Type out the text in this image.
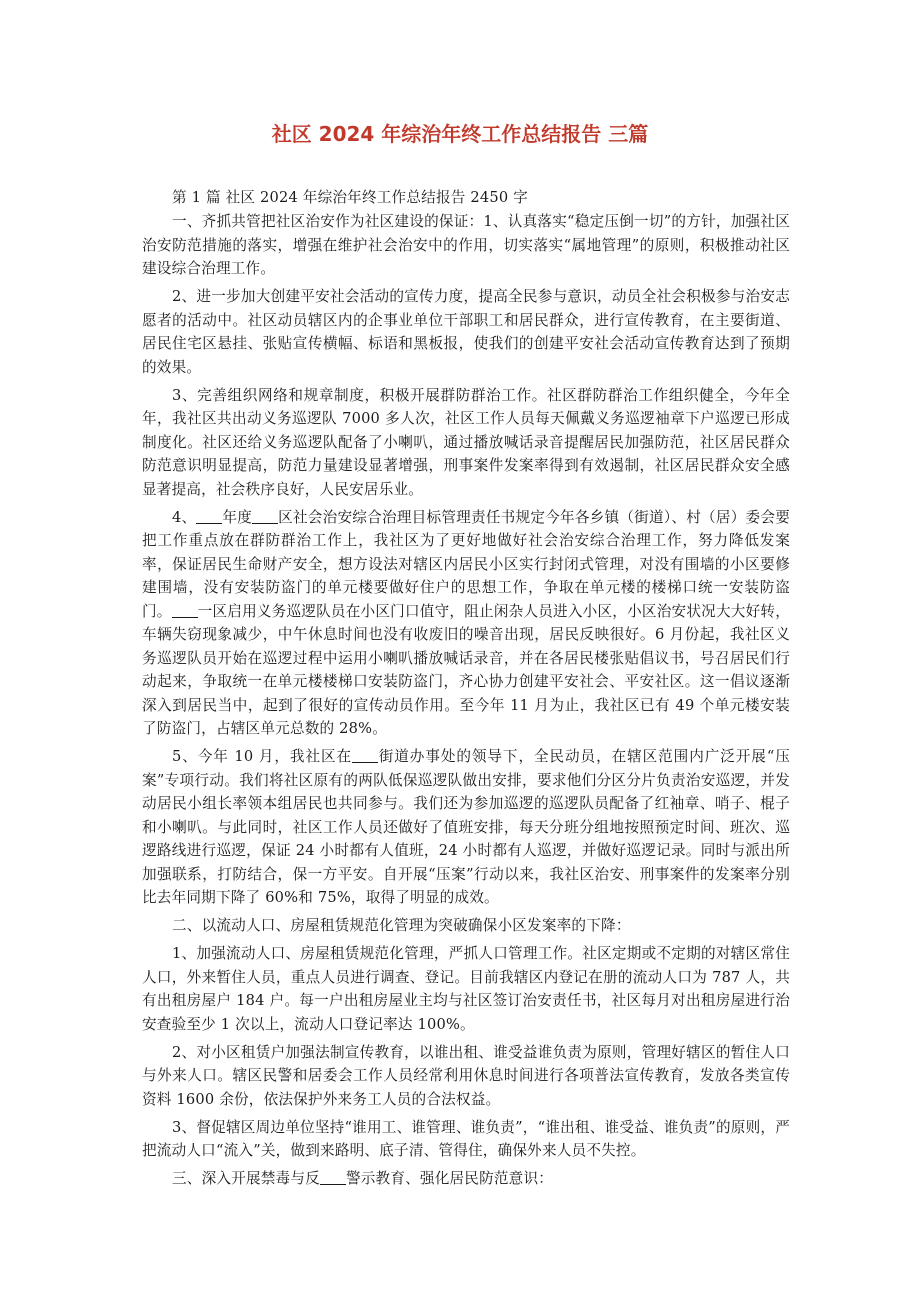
社区 2024 年综治年终工作总结报告 三篇

第 1 篇 社区 2024 年综治年终工作总结报告 2450 字

一、齐抓共管把社区治安作为社区建设的保证：1、认真落实“稳定压倒一切”的方针，加强社区治安防范措施的落实，增强在维护社会治安中的作用，切实落实“属地管理”的原则，积极推动社区建设综合治理工作。

2、进一步加大创建平安社会活动的宣传力度，提高全民参与意识，动员全社会积极参与治安志愿者的活动中。社区动员辖区内的企事业单位干部职工和居民群众，进行宣传教育，在主要街道、居民住宅区悬挂、张贴宣传横幅、标语和黑板报，使我们的创建平安社会活动宣传教育达到了预期的效果。

3、完善组织网络和规章制度，积极开展群防群治工作。社区群防群治工作组织健全，今年全年，我社区共出动义务巡逻队 7000 多人次，社区工作人员每天佩戴义务巡逻袖章下户巡逻已形成制度化。社区还给义务巡逻队配备了小喇叭，通过播放喊话录音提醒居民加强防范，社区居民群众防范意识明显提高，防范力量建设显著增强，刑事案件发案率得到有效遏制，社区居民群众安全感显著提高，社会秩序良好，人民安居乐业。

4、 年度 区社会治安综合治理目标管理责任书规定今年各乡镇（街道）、村（居）委会要把工作重点放在群防群治工作上，我社区为了更好地做好社会治安综合治理工作，努力降低发案率，保证居民生命财产安全，想方设法对辖区内居民小区实行封闭式管理，对没有围墙的小区要修建围墙，没有安装防盗门的单元楼要做好住户的思想工作，争取在单元楼的楼梯口统一安装防盗门。 一区启用义务巡逻队员在小区门口值守，阻止闲杂人员进入小区，小区治安状况大大好转，车辆失窃现象减少，中午休息时间也没有收废旧的噪音出现，居民反映很好。6 月份起，我社区义务巡逻队员开始在巡逻过程中运用小喇叭播放喊话录音，并在各居民楼张贴倡议书，号召居民们行动起来，争取统一在单元楼楼梯口安装防盗门，齐心协力创建平安社会、平安社区。这一倡议逐渐深入到居民当中，起到了很好的宣传动员作用。至今年 11 月为止，我社区已有 49 个单元楼安装了防盗门，占辖区单元总数的 28%。

5、今年 10 月，我社区在 街道办事处的领导下，全民动员，在辖区范围内广泛开展“压案”专项行动。我们将社区原有的两队低保巡逻队做出安排，要求他们分区分片负责治安巡逻，并发动居民小组长率领本组居民也共同参与。我们还为参加巡逻的巡逻队员配备了红袖章、哨子、棍子和小喇叭。与此同时，社区工作人员还做好了值班安排，每天分班分组地按照预定时间、班次、巡逻路线进行巡逻，保证 24 小时都有人值班，24 小时都有人巡逻，并做好巡逻记录。同时与派出所加强联系，打防结合，保一方平安。自开展“压案”行动以来，我社区治安、刑事案件的发案率分别比去年同期下降了 60%和 75%，取得了明显的成效。

二、以流动人口、房屋租赁规范化管理为突破确保小区发案率的下降：

1、加强流动人口、房屋租赁规范化管理，严抓人口管理工作。社区定期或不定期的对辖区常住人口，外来暂住人员，重点人员进行调查、登记。目前我辖区内登记在册的流动人口为 787 人，共有出租房屋户 184 户。每一户出租房屋业主均与社区签订治安责任书，社区每月对出租房屋进行治安查验至少 1 次以上，流动人口登记率达 100%。

2、对小区租赁户加强法制宣传教育，以谁出租、谁受益谁负责为原则，管理好辖区的暂住人口与外来人口。辖区民警和居委会工作人员经常利用休息时间进行各项普法宣传教育，发放各类宣传资料 1600 余份，依法保护外来务工人员的合法权益。

3、督促辖区周边单位坚持“谁用工、谁管理、谁负责”，“谁出租、谁受益、谁负责”的原则，严把流动人口“流入”关，做到来路明、底子清、管得住，确保外来人员不失控。

三、深入开展禁毒与反 警示教育、强化居民防范意识：
